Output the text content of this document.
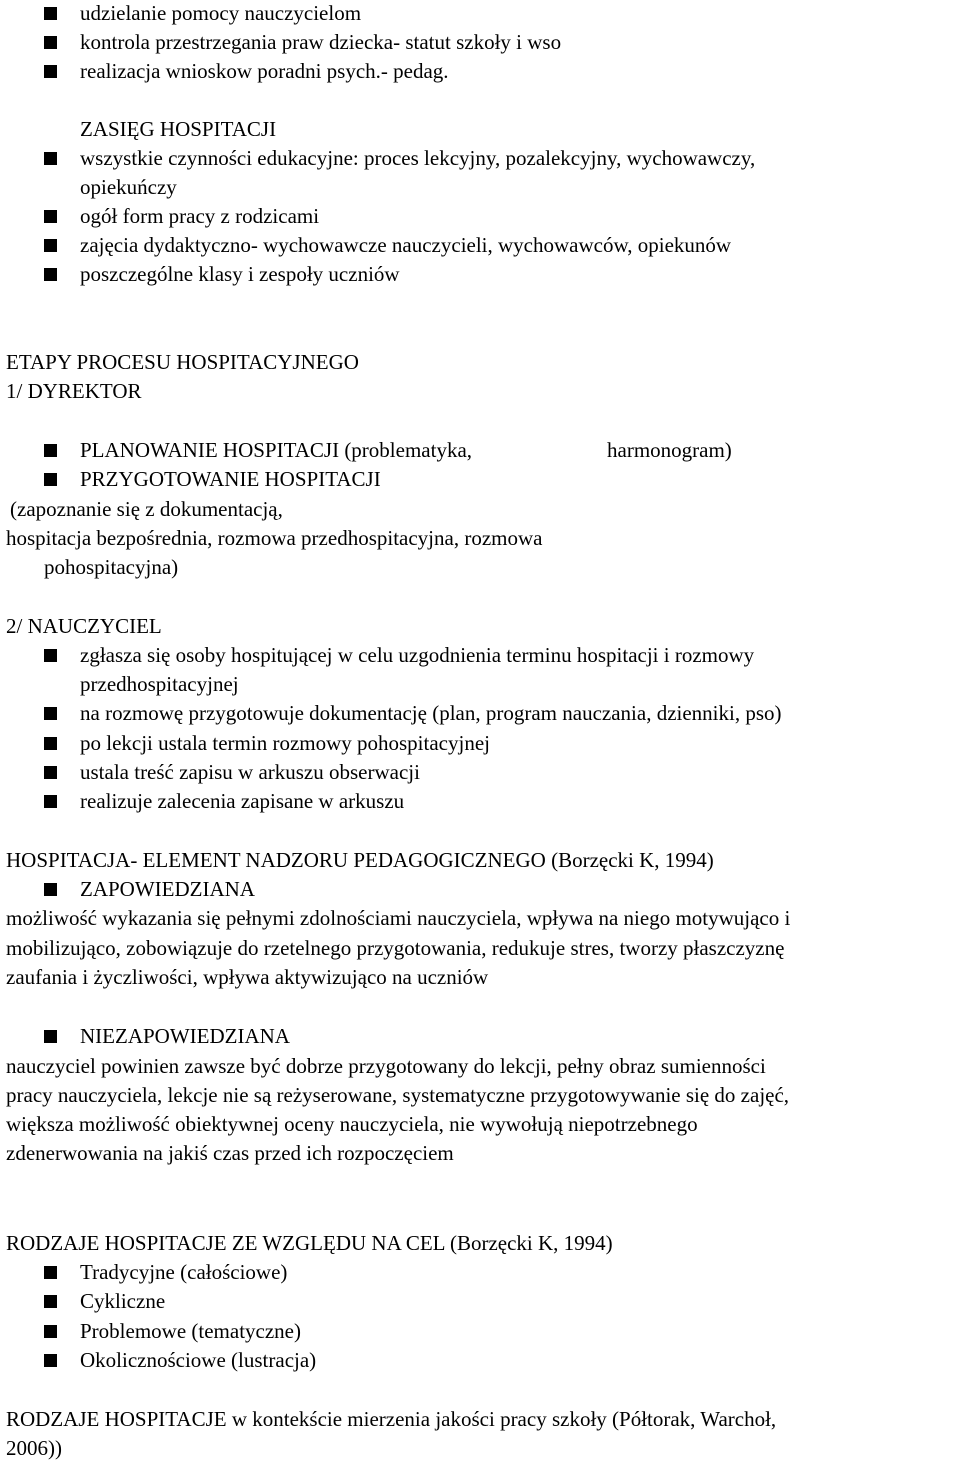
udzielanie pomocy nauczycielom
kontrola przestrzegania praw dziecka- statut szkoły i wso
realizacja wnioskow poradni psych.- pedag.
ZASIĘG HOSPITACJI
wszystkie czynności edukacyjne: proces lekcyjny, pozalekcyjny, wychowawczy,
opiekuńczy
ogół form pracy z rodzicami
zajęcia dydaktyczno- wychowawcze nauczycieli, wychowawców, opiekunów
poszczególne klasy i zespoły uczniów
ETAPY PROCESU HOSPITACYJNEGO
1/ DYREKTOR
PLANOWANIE HOSPITACJI (problematyka,	harmonogram)
PRZYGOTOWANIE HOSPITACJI
(zapoznanie się z dokumentacją,
hospitacja bezpośrednia, rozmowa przedhospitacyjna, rozmowa
pohospitacyjna)
2/ NAUCZYCIEL
zgłasza się osoby hospitującej w celu uzgodnienia terminu hospitacji i rozmowy
przedhospitacyjnej
na rozmowę przygotowuje dokumentację (plan, program nauczania, dzienniki, pso)
po lekcji ustala termin rozmowy pohospitacyjnej
ustala treść zapisu w arkuszu obserwacji
realizuje zalecenia zapisane w arkuszu
HOSPITACJA- ELEMENT NADZORU PEDAGOGICZNEGO (Borzęcki K, 1994)
ZAPOWIEDZIANA
możliwość wykazania się pełnymi zdolnościami nauczyciela, wpływa na niego motywująco i
mobilizująco, zobowiązuje do rzetelnego przygotowania, redukuje stres, tworzy płaszczyznę
zaufania i życzliwości, wpływa aktywizująco na uczniów
NIEZAPOWIEDZIANA
nauczyciel powinien zawsze być dobrze przygotowany do lekcji, pełny obraz sumienności
pracy nauczyciela, lekcje nie są reżyserowane, systematyczne przygotowywanie się do zajęć,
większa możliwość obiektywnej oceny nauczyciela, nie wywołują niepotrzebnego
zdenerwowania na jakiś czas przed ich rozpoczęciem
RODZAJE HOSPITACJE ZE WZGLĘDU NA CEL (Borzęcki K, 1994)
Tradycyjne (całościowe)
Cykliczne
Problemowe (tematyczne)
Okolicznościowe (lustracja)
RODZAJE HOSPITACJE w kontekście mierzenia jakości pracy szkoły (Półtorak, Warchoł,
2006))
